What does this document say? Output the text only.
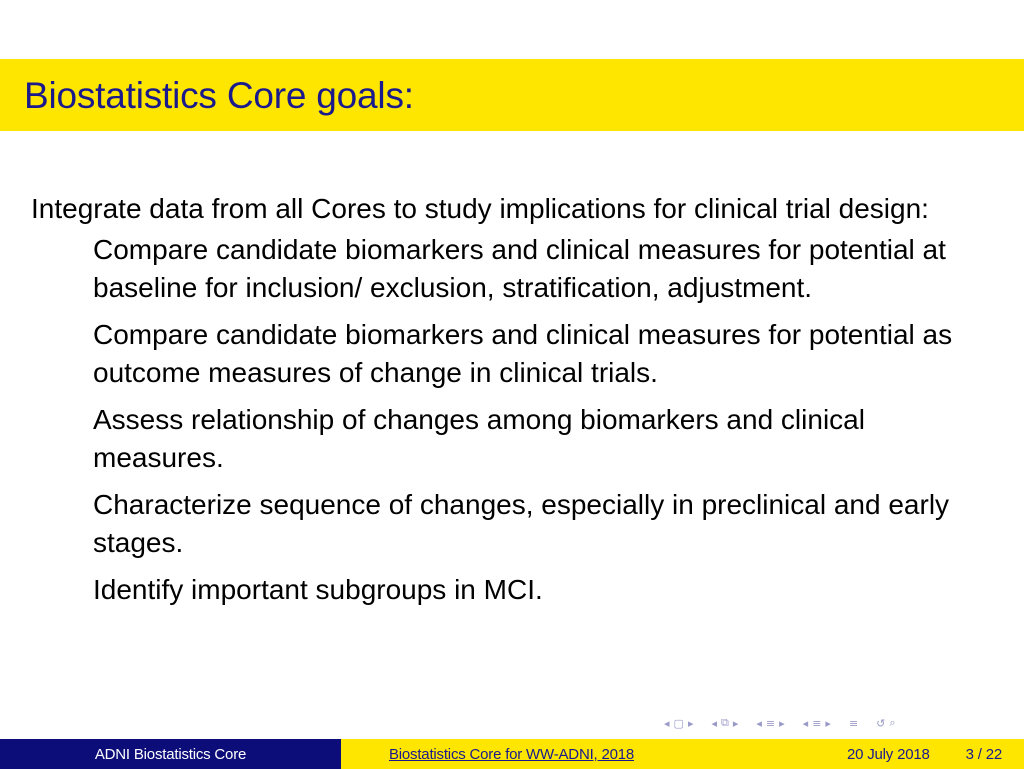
Biostatistics Core goals:

Integrate data from all Cores to study implications for clinical trial design:

Compare candidate biomarkers and clinical measures for potential at baseline for inclusion/ exclusion, stratification, adjustment.
Compare candidate biomarkers and clinical measures for potential as outcome measures of change in clinical trials.
Assess relationship of changes among biomarkers and clinical measures.
Characterize sequence of changes, especially in preclinical and early stages.
Identify important subgroups in MCI.
◂ ▢ ▸ ◂ ⧉ ▸ ◂ ≡ ▸ ◂ ≡ ▸ ≡ ↺ ⌕
ADNI Biostatistics Core	Biostatistics Core for WW-ADNI, 2018	20 July 2018 3 / 22
